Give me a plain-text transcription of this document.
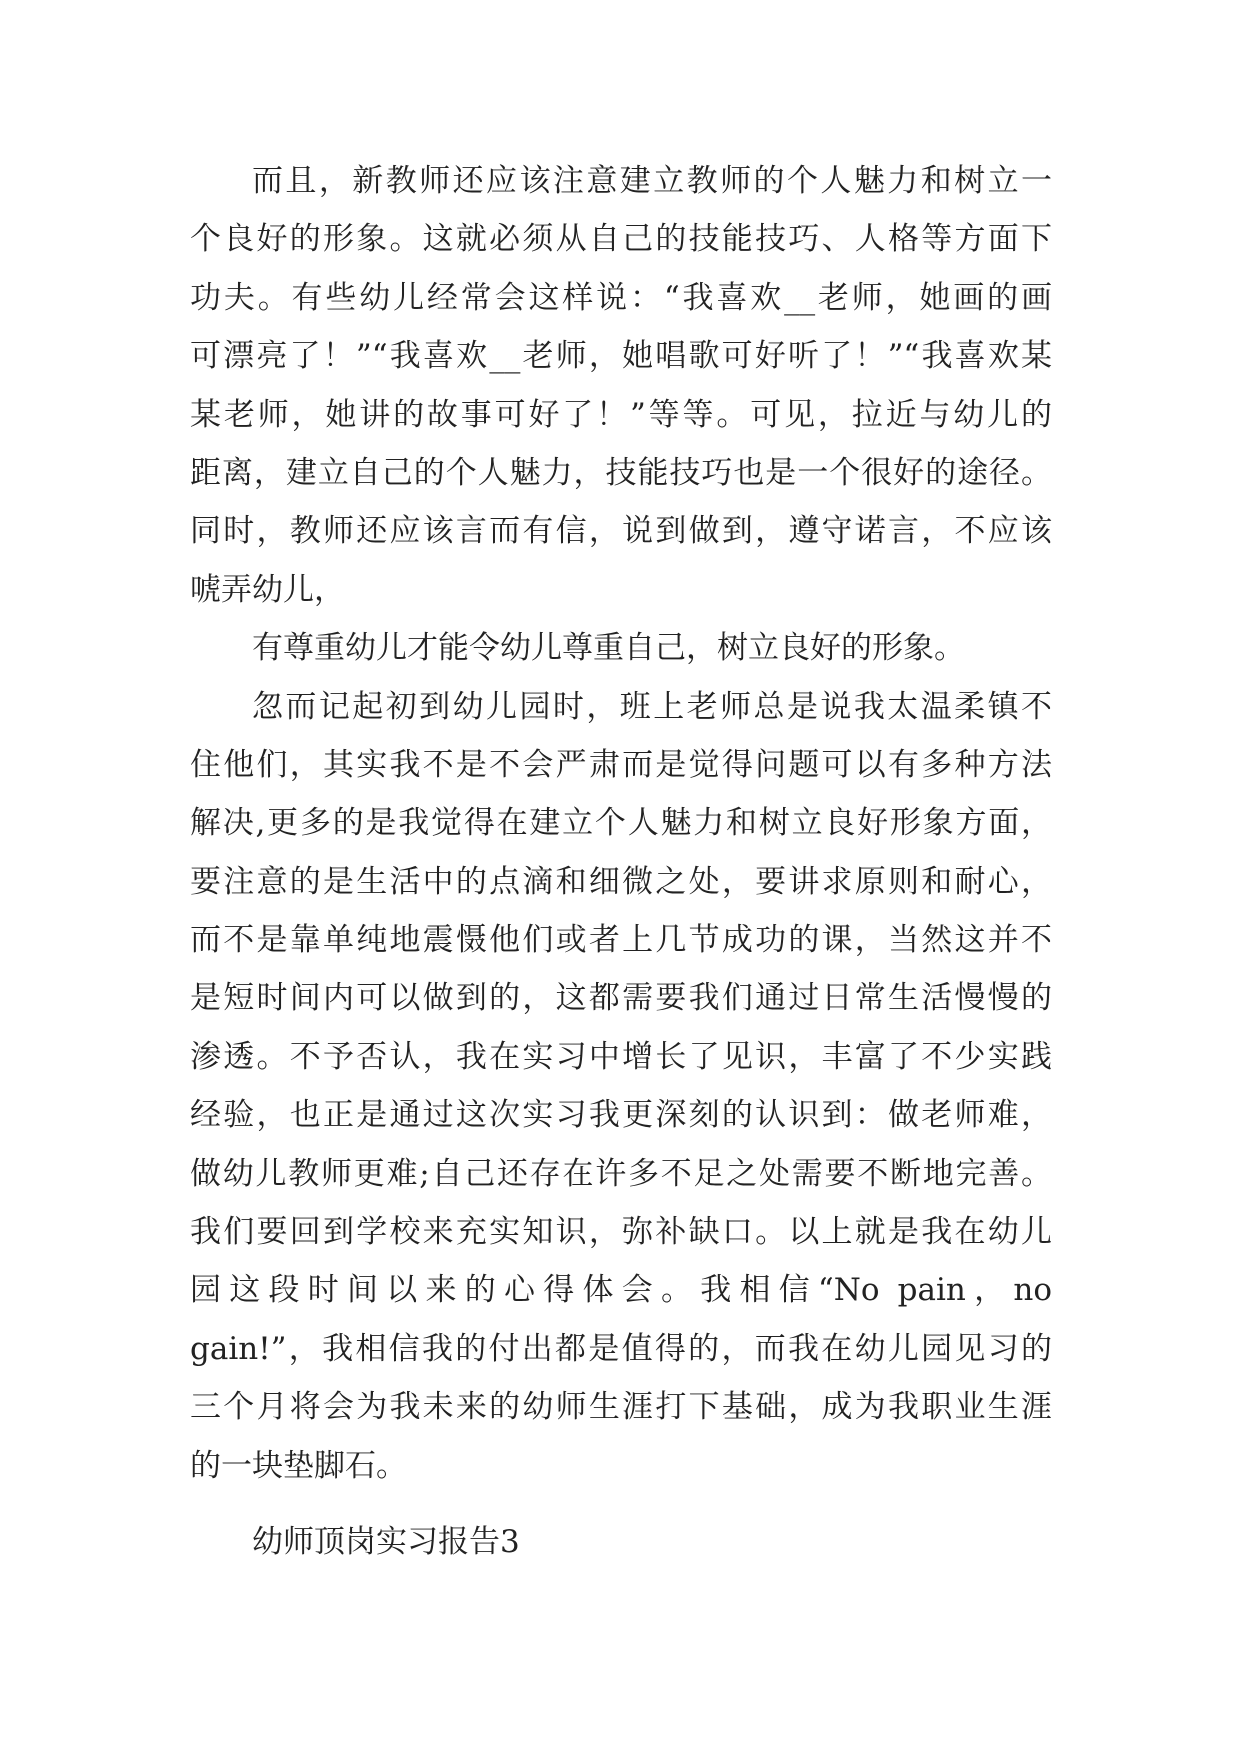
而且，新教师还应该注意建立教师的个人魅力和树立一
个良好的形象。这就必须从自己的技能技巧、人格等方面下
功夫。有些幼儿经常会这样说：“我喜欢__老师，她画的画
可漂亮了！”“我喜欢__老师，她唱歌可好听了！”“我喜欢某
某老师，她讲的故事可好了！”等等。可见，拉近与幼儿的
距离，建立自己的个人魅力，技能技巧也是一个很好的途径。
同时，教师还应该言而有信，说到做到，遵守诺言，不应该
唬弄幼儿，
有尊重幼儿才能令幼儿尊重自己，树立良好的形象。
忽而记起初到幼儿园时，班上老师总是说我太温柔镇不
住他们，其实我不是不会严肃而是觉得问题可以有多种方法
解决,更多的是我觉得在建立个人魅力和树立良好形象方面，
要注意的是生活中的点滴和细微之处，要讲求原则和耐心，
而不是靠单纯地震慑他们或者上几节成功的课，当然这并不
是短时间内可以做到的，这都需要我们通过日常生活慢慢的
渗透。不予否认，我在实习中增长了见识，丰富了不少实践
经验，也正是通过这次实习我更深刻的认识到：做老师难，
做幼儿教师更难;自己还存在许多不足之处需要不断地完善。
我们要回到学校来充实知识，弥补缺口。以上就是我在幼儿
园这段时间以来的心得体会。我相信“No pain，no
gain!”，我相信我的付出都是值得的，而我在幼儿园见习的
三个月将会为我未来的幼师生涯打下基础，成为我职业生涯
的一块垫脚石。
幼师顶岗实习报告3
